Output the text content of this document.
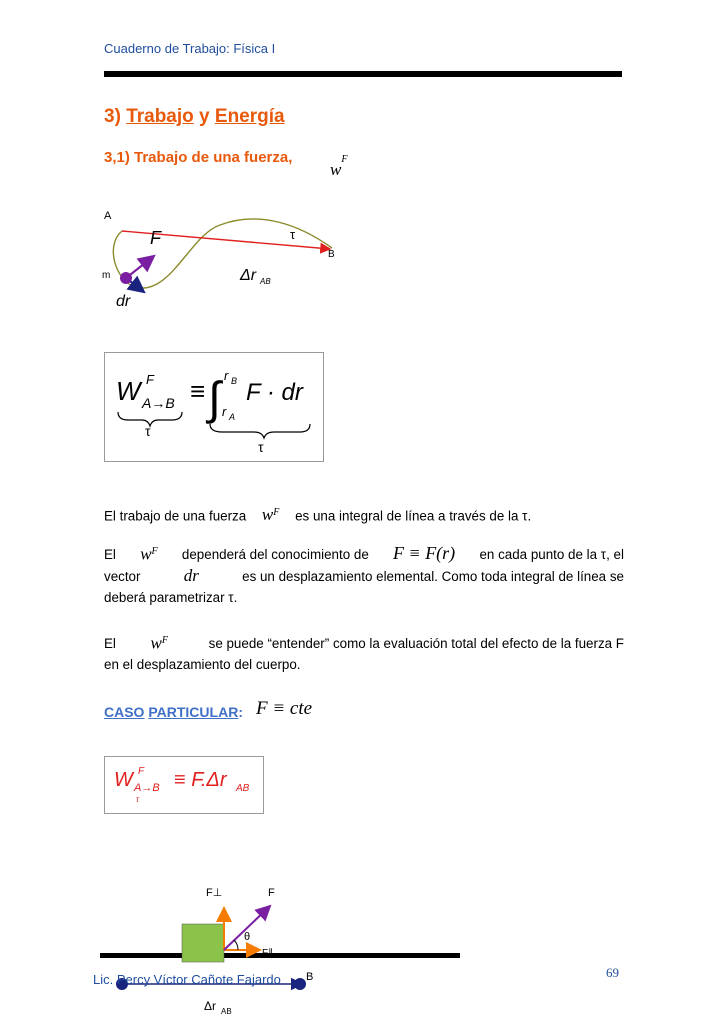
Cuaderno de Trabajo: Física I
3) Trabajo y Energía
3,1) Trabajo de una fuerza,
$w^F$
A
B
m
F	τ
Δr AB
dr
W F
A→B ≡ ∫ r B
r A
F · dr
τ
τ
El trabajo de una fuerza $w^F$ es una integral de línea a través de la τ.
El $w^F$ dependerá del conocimiento de F ≡ F(r) en cada punto de la τ, el
vector	dr	es un desplazamiento elemental. Como toda integral de línea se
deberá parametrizar τ.
El $w^F$	se puede “entender” como la evaluación total del efecto de la fuerza F
en el desplazamiento del cuerpo.
CASO PARTICULAR: F ≡ cte
W F
A→B
τ
≡ F.Δr AB
F⊥	F
θ
F∥
B
Δr AB
Lic. Percy Víctor Cañote Fajardo	69
